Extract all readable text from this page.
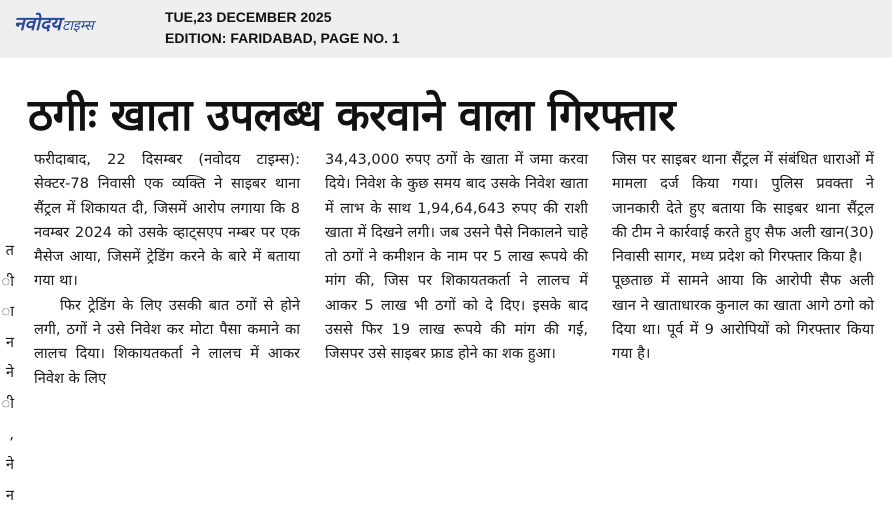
नवोदयटाइम्स
TUE,23 DECEMBER 2025
EDITION: FARIDABAD, PAGE NO. 1
त
ी
ा
न
ने
ी
,
ने
न
ठगीः खाता उपलब्ध करवाने वाला गिरफ्तार

फरीदाबाद, 22 दिसम्बर (नवोदय टाइम्स): सेक्टर-78 निवासी एक व्यक्ति ने साइबर थाना सैंट्रल में शिकायत दी, जिसमें आरोप लगाया कि 8 नवम्बर 2024 को उसके व्हाट्सएप नम्बर पर एक मैसेज आया, जिसमें ट्रेडिंग करने के बारे में बताया गया था।

फिर ट्रेडिंग के लिए उसकी बात ठगों से होने लगी, ठगों ने उसे निवेश कर मोटा पैसा कमाने का लालच दिया। शिकायतकर्ता ने लालच में आकर निवेश के लिए

34,43,000 रुपए ठगों के खाता में जमा करवा दिये। निवेश के कुछ समय बाद उसके निवेश खाता में लाभ के साथ 1,94,64,643 रुपए की राशी खाता में दिखने लगी। जब उसने पैसे निकालने चाहे तो ठगों ने कमीशन के नाम पर 5 लाख रूपये की मांग की, जिस पर शिकायतकर्ता ने लालच में आकर 5 लाख भी ठगों को दे दिए। इसके बाद उससे फिर 19 लाख रूपये की मांग की गई, जिसपर उसे साइबर फ्राड होने का शक हुआ।

जिस पर साइबर थाना सैंट्रल में संबंधित धाराओं में मामला दर्ज किया गया। पुलिस प्रवक्ता ने जानकारी देते हुए बताया कि साइबर थाना सैंट्रल की टीम ने कार्रवाई करते हुए सैफ अली खान(30) निवासी सागर, मध्य प्रदेश को गिरफ्तार किया है।

पूछताछ में सामने आया कि आरोपी सैफ अली खान ने खाताधारक कुनाल का खाता आगे ठगो को दिया था। पूर्व में 9 आरोपियों को गिरफ्तार किया गया है।
